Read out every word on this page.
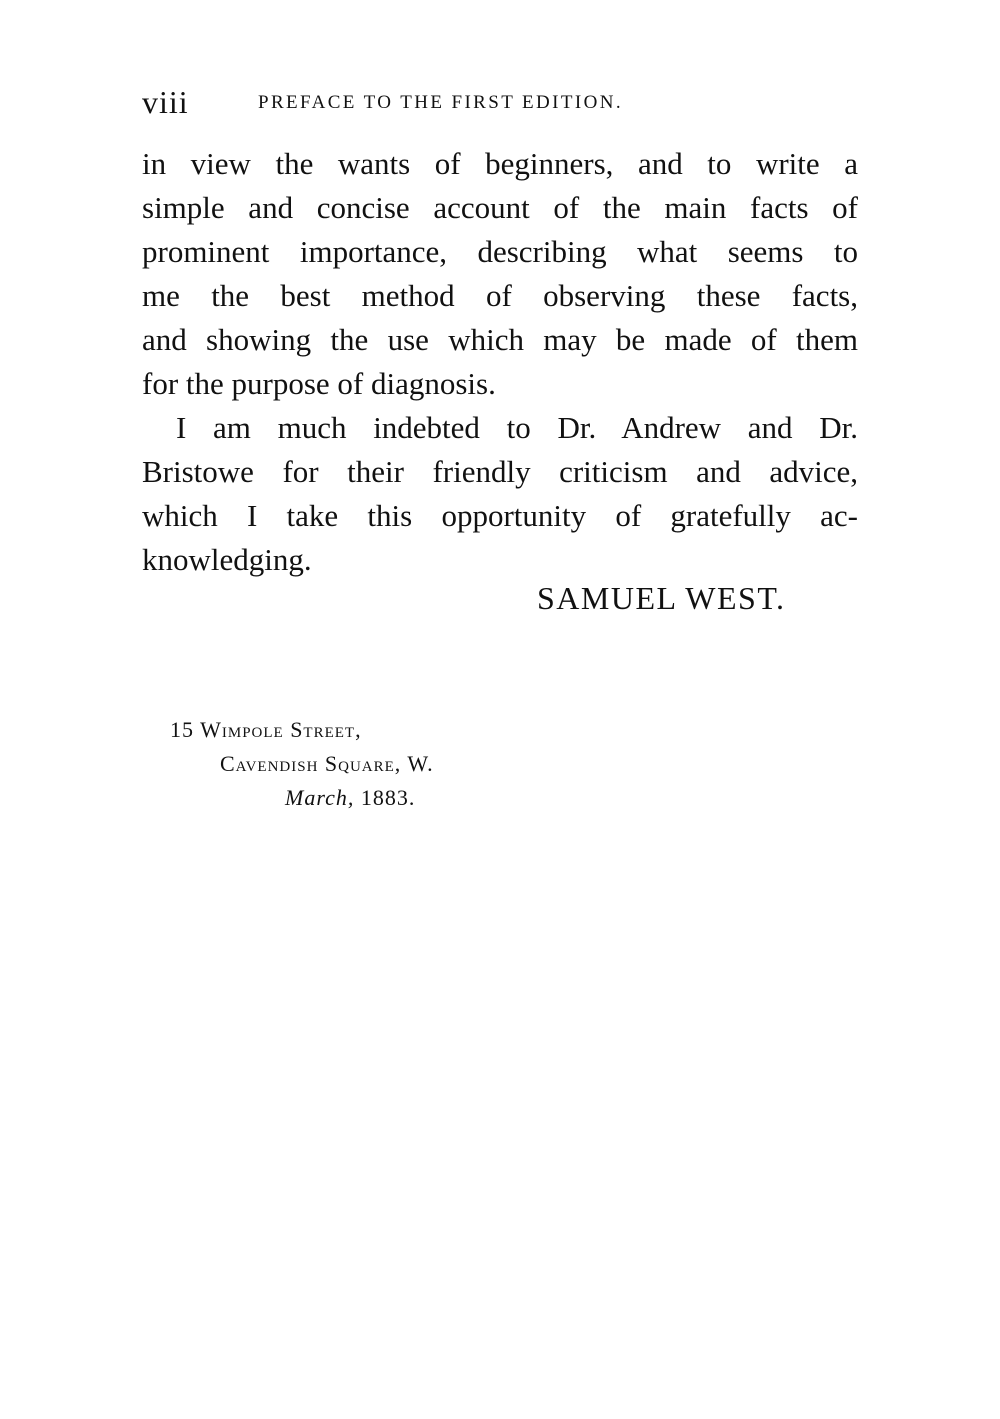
viii	PREFACE TO THE FIRST EDITION.
in view the wants of beginners, and to write a
simple and concise account of the main facts of
prominent importance, describing what seems to
me the best method of observing these facts,
and showing the use which may be made of them
for the purpose of diagnosis.
I am much indebted to Dr. Andrew and Dr.
Bristowe for their friendly criticism and advice,
which I take this opportunity of gratefully ac-
knowledging.
SAMUEL WEST.
15 Wimpole Street,
Cavendish Square, W.
March, 1883.
